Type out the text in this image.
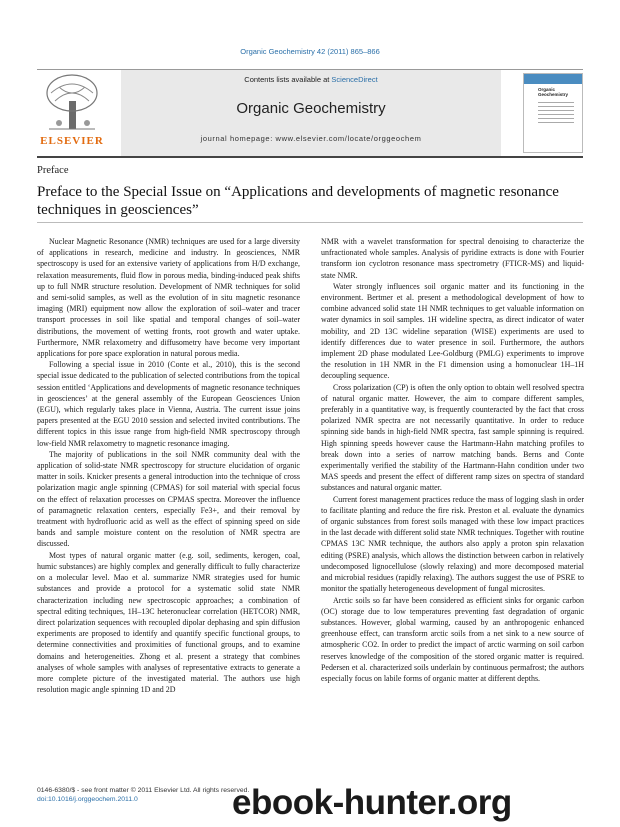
Organic Geochemistry 42 (2011) 865–866
ELSEVIER
Contents lists available at ScienceDirect
Organic Geochemistry
journal homepage: www.elsevier.com/locate/orggeochem
Organic
Geochemistry
Preface
Preface to the Special Issue on “Applications and developments of magnetic resonance techniques in geosciences”

Nuclear Magnetic Resonance (NMR) techniques are used for a large diversity of applications in research, medicine and industry. In geosciences, NMR spectroscopy is used for an extensive variety of applications from H/D exchange, relaxation measurements, fluid flow in porous media, binding-induced peak shifts up to full NMR structure resolution. Development of NMR techniques for solid and semi-solid samples, as well as the evolution of in situ magnetic resonance imaging (MRI) equipment now allow the exploration of soil–water and tracer transport processes in soil like spatial and temporal changes of soil–water distributions, the movement of wetting fronts, root growth and water uptake. Furthermore, NMR relaxometry and diffusometry have become very important applications for pore space exploration in natural porous media.

Following a special issue in 2010 (Conte et al., 2010), this is the second special issue dedicated to the publication of selected contributions from the topical session entitled ‘Applications and developments of magnetic resonance techniques in geosciences’ at the general assembly of the European Geosciences Union (EGU), which regularly takes place in Vienna, Austria. The current issue joins papers presented at the EGU 2010 session and selected invited contributions. The different topics in this issue range from high-field NMR spectroscopy through low-field NMR relaxometry to magnetic resonance imaging.

The majority of publications in the soil NMR community deal with the application of solid-state NMR spectroscopy for structure elucidation of organic matter in soils. Knicker presents a general introduction into the technique of cross polarization magic angle spinning (CPMAS) for soil material with special focus on the effect of relaxation processes on CPMAS spectra. Moreover the influence of paramagnetic relaxation centers, especially Fe3+, and their removal by treatment with hydrofluoric acid as well as the effect of spinning speed on side bands and sample moisture content on the resolution of NMR spectra are discussed.

Most types of natural organic matter (e.g. soil, sediments, kerogen, coal, humic substances) are highly complex and generally difficult to fully characterize on a molecular level. Mao et al. summarize NMR strategies used for humic substances and provide a protocol for a systematic solid state NMR characterization including new spectroscopic approaches; a combination of spectral editing techniques, 1H–13C heteronuclear correlation (HETCOR) NMR, direct polarization sequences with recoupled dipolar dephasing and spin diffusion experiments are proposed to identify and quantify specific functional groups, to determine connectivities and proximities of functional groups, and to examine domains and heterogeneities. Zhong et al. present a strategy that combines analyses of whole samples with analyses of representative extracts to generate a more complete picture of the investigated material. The authors use high resolution magic angle spinning 1D and 2D

NMR with a wavelet transformation for spectral denoising to characterize the unfractionated whole samples. Analysis of pyridine extracts is done with Fourier transform ion cyclotron resonance mass spectrometry (FTICR-MS) and liquid-state NMR.

Water strongly influences soil organic matter and its functioning in the environment. Bertmer et al. present a methodological development of how to combine advanced solid state 1H NMR techniques to get valuable information on water dynamics in soil samples. 1H wideline spectra, as direct indicator of water mobility, and 2D 13C wideline separation (WISE) experiments are used to identify differences due to water presence in soil. Furthermore, the authors implement 2D phase modulated Lee-Goldburg (PMLG) experiments to improve the resolution in 1H NMR in the F1 dimension using a homonuclear 1H–1H decoupling sequence.

Cross polarization (CP) is often the only option to obtain well resolved spectra of natural organic matter. However, the aim to compare different samples, preferably in a quantitative way, is frequently counteracted by the fact that cross polarized NMR spectra are not necessarily quantitative. In order to reduce spinning side bands in high-field NMR spectra, fast sample spinning is required. High spinning speeds however cause the Hartmann-Hahn matching profiles to break down into a series of narrow matching bands. Berns and Conte experimentally verified the stability of the Hartmann-Hahn condition under two MAS speeds and present the effect of different ramp sizes on spectra of standard substances and natural organic matter.

Current forest management practices reduce the mass of logging slash in order to facilitate planting and reduce the fire risk. Preston et al. evaluate the dynamics of organic substances from forest soils managed with these low impact practices in the last decade with different solid state NMR techniques. Together with routine CPMAS 13C NMR technique, the authors also apply a proton spin relaxation editing (PSRE) analysis, which allows the distinction between carbon in relatively undecomposed lignocellulose (slowly relaxing) and more decomposed material and microbial residues (rapidly relaxing). The authors suggest the use of PSRE to monitor the spatially heterogeneous development of fungal microsites.

Arctic soils so far have been considered as efficient sinks for organic carbon (OC) storage due to low temperatures preventing fast degradation of organic substances. However, global warming, caused by an anthropogenic enhanced greenhouse effect, can transform arctic soils from a net sink to a new source of atmospheric CO2. In order to predict the impact of arctic warming on soil carbon reserves knowledge of the composition of the stored organic matter is required. Pedersen et al. characterized soils underlain by continuous permafrost; the authors especially focus on labile forms of organic matter at different depths.

0146-6380/$ - see front matter © 2011 Elsevier Ltd. All rights reserved.
doi:10.1016/j.orggeochem.2011.0	ebook-hunter.org
